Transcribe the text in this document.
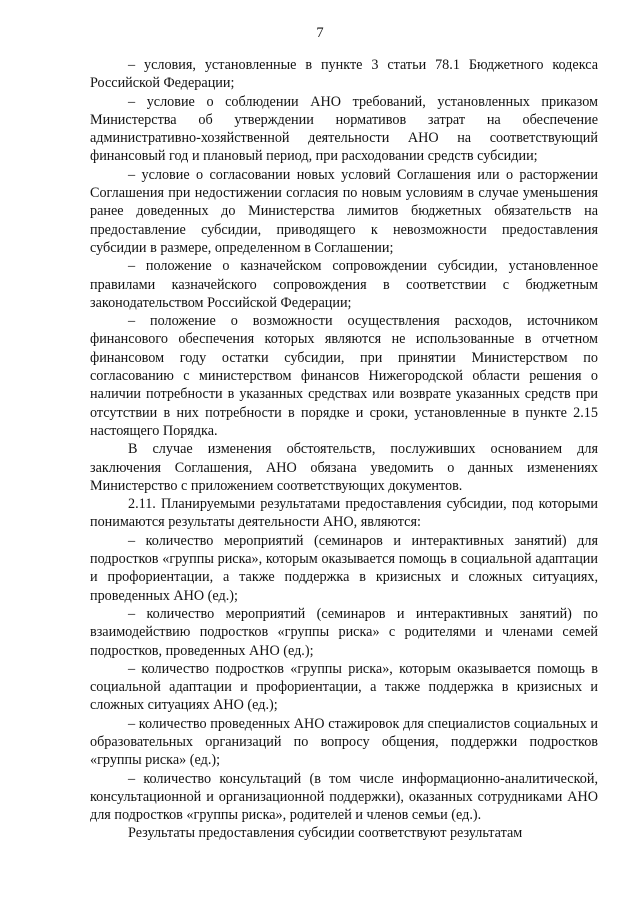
7

– условия, установленные в пункте 3 статьи 78.1 Бюджетного кодекса Российской Федерации;

– условие о соблюдении АНО требований, установленных приказом Министерства об утверждении нормативов затрат на обеспечение административно-хозяйственной деятельности АНО на соответствующий финансовый год и плановый период, при расходовании средств субсидии;

– условие о согласовании новых условий Соглашения или о расторжении Соглашения при недостижении согласия по новым условиям в случае уменьшения ранее доведенных до Министерства лимитов бюджетных обязательств на предоставление субсидии, приводящего к невозможности предоставления субсидии в размере, определенном в Соглашении;

– положение о казначейском сопровождении субсидии, установленное правилами казначейского сопровождения в соответствии с бюджетным законодательством Российской Федерации;

– положение о возможности осуществления расходов, источником финансового обеспечения которых являются не использованные в отчетном финансовом году остатки субсидии, при принятии Министерством по согласованию с министерством финансов Нижегородской области решения о наличии потребности в указанных средствах или возврате указанных средств при отсутствии в них потребности в порядке и сроки, установленные в пункте 2.15 настоящего Порядка.

В случае изменения обстоятельств, послуживших основанием для заключения Соглашения, АНО обязана уведомить о данных изменениях Министерство с приложением соответствующих документов.

2.11. Планируемыми результатами предоставления субсидии, под которыми понимаются результаты деятельности АНО, являются:

– количество мероприятий (семинаров и интерактивных занятий) для подростков «группы риска», которым оказывается помощь в социальной адаптации и профориентации, а также поддержка в кризисных и сложных ситуациях, проведенных АНО (ед.);

– количество мероприятий (семинаров и интерактивных занятий) по взаимодействию подростков «группы риска» с родителями и членами семей подростков, проведенных АНО (ед.);

– количество подростков «группы риска», которым оказывается помощь в социальной адаптации и профориентации, а также поддержка в кризисных и сложных ситуациях АНО (ед.);

– количество проведенных АНО стажировок для специалистов социальных и образовательных организаций по вопросу общения, поддержки подростков «группы риска» (ед.);

– количество консультаций (в том числе информационно-аналитической, консультационной и организационной поддержки), оказанных сотрудниками АНО для подростков «группы риска», родителей и членов семьи (ед.).

Результаты предоставления субсидии соответствуют результатам
